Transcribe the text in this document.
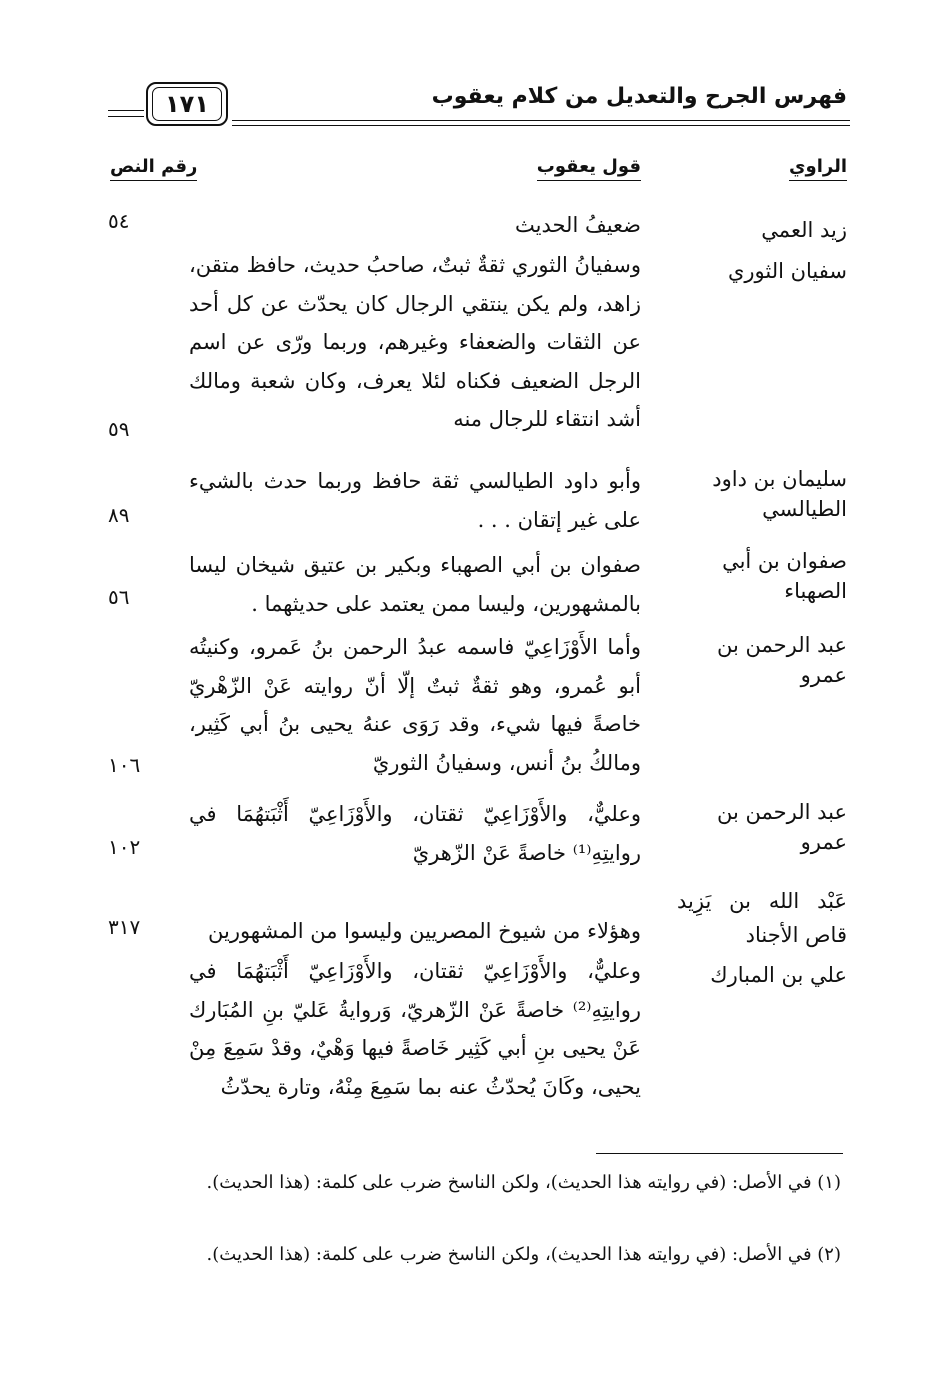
فهرس الجرح والتعديل من كلام يعقوب
١٧١
الراوي
قول يعقوب
رقم النص
زيد العمي
ضعيفُ الحديث
٥٤
سفيان الثوري
وسفيانُ الثوري ثقةٌ ثبتٌ، صاحبُ حديث، حافظ متقن، زاهد، ولم يكن ينتقي الرجال كان يحدّث عن كل أحد عن الثقات والضعفاء وغيرهم، وربما ورّى عن اسم الرجل الضعيف فكناه لئلا يعرف، وكان شعبة ومالك أشد انتقاء للرجال منه
٥٩
سليمان بن داود الطيالسي
وأبو داود الطيالسي ثقة حافظ وربما حدث بالشيء على غير إتقان . . .
٨٩
صفوان بن أبي الصهباء
صفوان بن أبي الصهباء وبكير بن عتيق شيخان ليسا بالمشهورين، وليسا ممن يعتمد على حديثهما .
٥٦
عبد الرحمن بن عمرو
وأما الأَوْزَاعِيّ فاسمه عبدُ الرحمن بنُ عَمرو، وكنيتُه أبو عُمرو، وهو ثقةٌ ثبتٌ إلّا أنّ روايته عَنْ الزّهْريّ خاصةً فيها شيء، وقد رَوَى عنهُ يحيى بنُ أبي كَثِير، ومالكُ بنُ أنس، وسفيانُ الثوريّ
١٠٦
عبد الرحمن بن عمرو
وعليٌّ، والأَوْزَاعِيّ ثقتان، والأَوْزَاعِيّ أَثْبَتهُمَا في روايتِهِ⁽¹⁾ خاصةً عَنْ الزّهريّ
١٠٢
عَبْد الله بن يَزِيد قاص الأجناد
وهؤلاء من شيوخ المصريين وليسوا من المشهورين
٣١٧
علي بن المبارك
وعليٌّ، والأَوْزَاعِيّ ثقتان، والأَوْزَاعِيّ أَثْبَتهُمَا في روايتِهِ⁽²⁾ خاصةً عَنْ الزّهريّ، وَروايةُ عَليّ بنِ المُبَارك عَنْ يحيى بنِ أبي كَثِير خَاصةً فيها وَهْيٌ، وقدْ سَمِعَ مِنْ يحيى، وكَانَ يُحدّثُ عنه بما سَمِعَ مِنْهُ، وتارة يحدّثُ
(١) في الأصل: (في روايته هذا الحديث)، ولكن الناسخ ضرب على كلمة: (هذا الحديث).
(٢) في الأصل: (في روايته هذا الحديث)، ولكن الناسخ ضرب على كلمة: (هذا الحديث).
